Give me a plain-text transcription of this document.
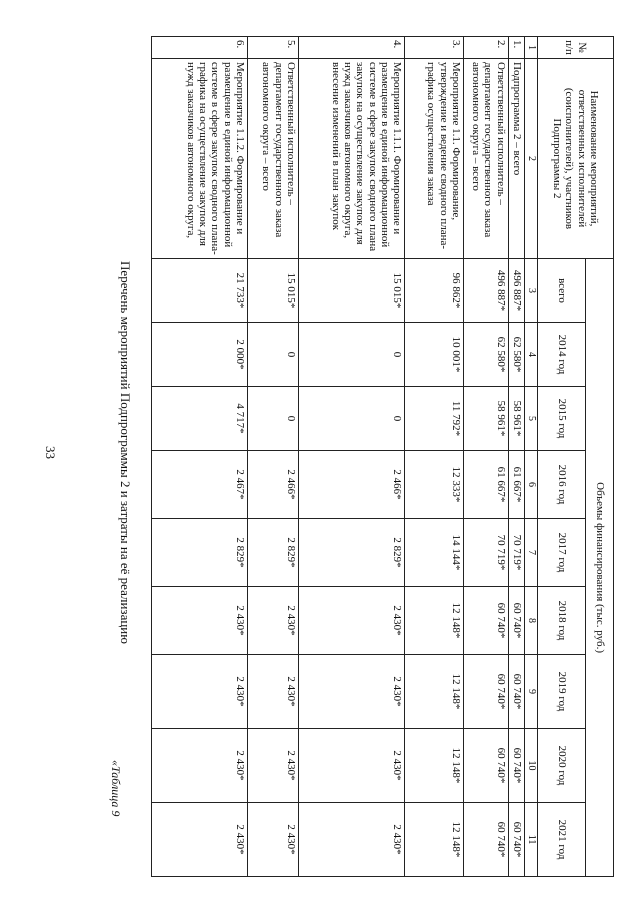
33
«Таблица 9
Перечень мероприятий Подпрограммы 2 и затраты на её реализацию
№ п/п	Наименование мероприятий, ответственных исполнителей (соисполнителей), участников Подпрограммы 2	Объемы финансирования (тыс. руб.)								
		всего	2014 год	2015 год	2016 год	2017 год	2018 год	2019 год	2020 год	2021 год
1	2	3	4	5	6	7	8	9	10	11
1.	Подпрограмма 2 – всего	496 887*	62 580*	58 961*	61 667*	70 719*	60 740*	60 740*	60 740*	60 740*
2.	Ответственный исполнитель – департамент государственного заказа автономного округа – всего	496 887*	62 580*	58 961*	61 667*	70 719*	60 740*	60 740*	60 740*	60 740*
3.	Мероприятие 1.1. Формирование, утверждение и ведение сводного плана-графика осуществления заказа	96 862*	10 001*	11 792*	12 333*	14 144*	12 148*	12 148*	12 148*	12 148*
4.	Мероприятие 1.1.1. Формирование и размещение в единой информационной системе в сфере закупок сводного плана закупок на осуществление закупок для нужд заказчиков автономного округа, внесение изменений в план закупок	15 015*	0	0	2 466*	2 829*	2 430*	2 430*	2 430*	2 430*
5.	Ответственный исполнитель – департамент государственного заказа автономного округа – всего	15 015*	0	0	2 466*	2 829*	2 430*	2 430*	2 430*	2 430*
6.	Мероприятие 1.1.2. Формирование и размещение в единой информационной системе в сфере закупок сводного плана-графика на осуществление закупок для нужд заказчиков автономного округа,	21 733*	2 000*	4 717*	2 467*	2 829*	2 430*	2 430*	2 430*	2 430*
